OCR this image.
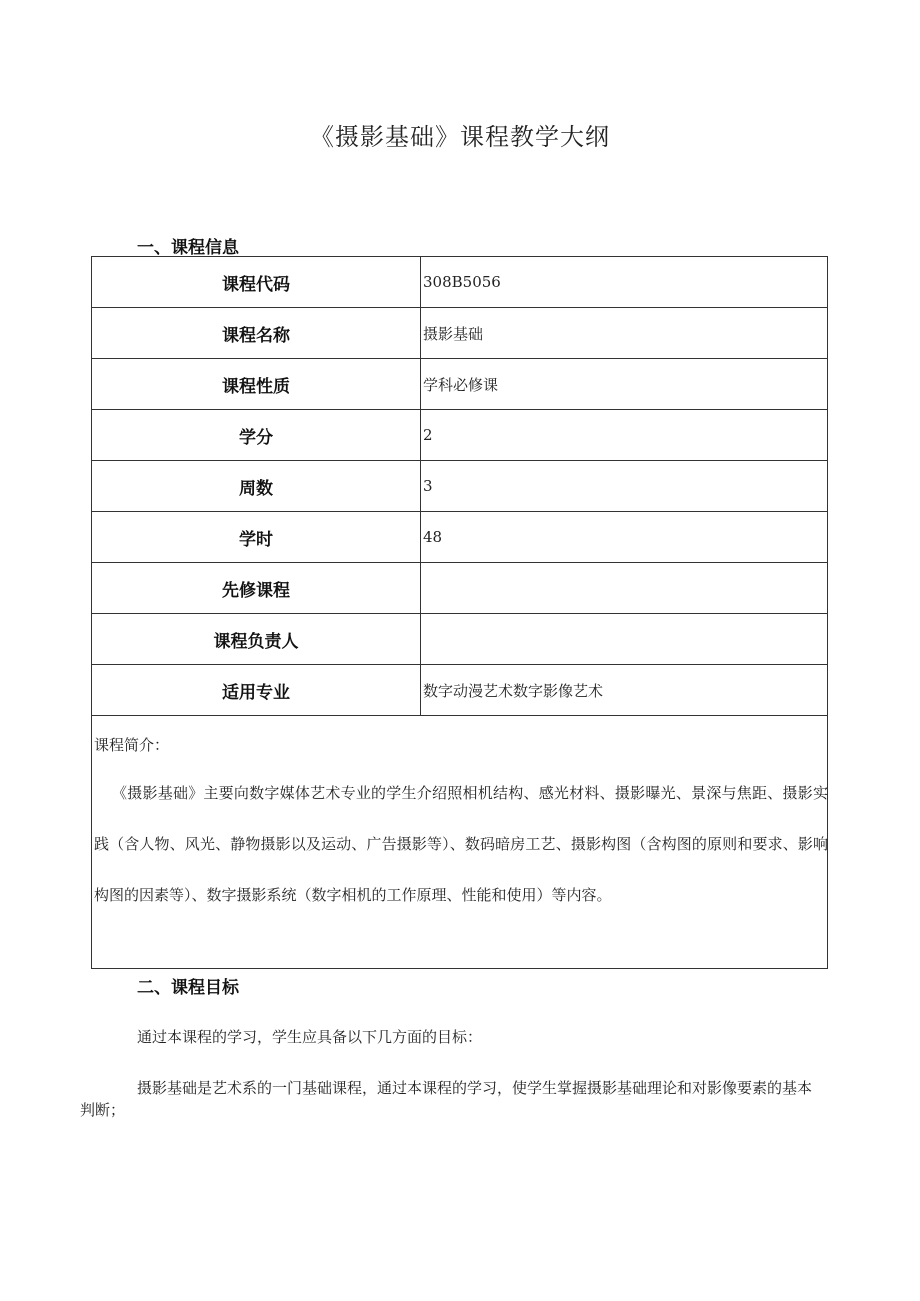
《摄影基础》课程教学大纲
一、课程信息
课程代码	308B5056
课程名称	摄影基础
课程性质	学科必修课
学分	2
周数	3
学时	48
先修课程	
课程负责人	
适用专业	数字动漫艺术数字影像艺术

课程简介：
《摄影基础》主要向数字媒体艺术专业的学生介绍照相机结构、感光材料、摄影曝光、景深与焦距、摄影实践（含人物、风光、静物摄影以及运动、广告摄影等）、数码暗房工艺、摄影构图（含构图的原则和要求、影响构图的因素等）、数字摄影系统（数字相机的工作原理、性能和使用）等内容。	
二、课程目标
通过本课程的学习，学生应具备以下几方面的目标：
摄影基础是艺术系的一门基础课程，通过本课程的学习，使学生掌握摄影基础理论和对影像要素的基本判断；
